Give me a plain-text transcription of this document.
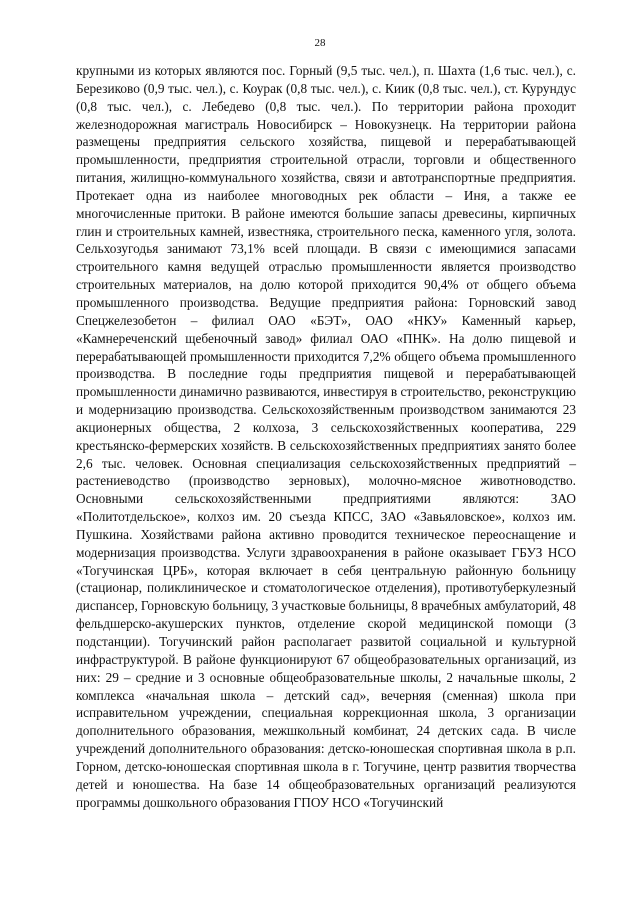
28

крупными из которых являются пос. Горный (9,5 тыс. чел.), п. Шахта (1,6 тыс. чел.), с. Березиково (0,9 тыс. чел.), с. Коурак (0,8 тыс. чел.), с. Киик (0,8 тыс. чел.), ст. Курундус (0,8 тыс. чел.), с. Лебедево (0,8 тыс. чел.). По территории района проходит железнодорожная магистраль Новосибирск – Новокузнецк. На территории района размещены предприятия сельского хозяйства, пищевой и перерабатывающей промышленности, предприятия строительной отрасли, торговли и общественного питания, жилищно-коммунального хозяйства, связи и автотранспортные предприятия. Протекает одна из наиболее многоводных рек области – Иня, а также ее многочисленные притоки. В районе имеются большие запасы древесины, кирпичных глин и строительных камней, известняка, строительного песка, каменного угля, золота. Сельхозугодья занимают 73,1% всей площади. В связи с имеющимися запасами строительного камня ведущей отраслью промышленности является производство строительных материалов, на долю которой приходится 90,4% от общего объема промышленного производства. Ведущие предприятия района: Горновский завод Спецжелезобетон – филиал ОАО «БЭТ», ОАО «НКУ» Каменный карьер, «Камнереченский щебеночный завод» филиал ОАО «ПНК». На долю пищевой и перерабатывающей промышленности приходится 7,2% общего объема промышленного производства. В последние годы предприятия пищевой и перерабатывающей промышленности динамично развиваются, инвестируя в строительство, реконструкцию и модернизацию производства. Сельскохозяйственным производством занимаются 23 акционерных общества, 2 колхоза, 3 сельскохозяйственных кооператива, 229 крестьянско-фермерских хозяйств. В сельскохозяйственных предприятиях занято более 2,6 тыс. человек. Основная специализация сельскохозяйственных предприятий – растениеводство (производство зерновых), молочно-мясное животноводство. Основными сельскохозяйственными предприятиями являются: ЗАО «Политотдельское», колхоз им. 20 съезда КПСС, ЗАО «Завьяловское», колхоз им. Пушкина. Хозяйствами района активно проводится техническое переоснащение и модернизация производства. Услуги здравоохранения в районе оказывает ГБУЗ НСО «Тогучинская ЦРБ», которая включает в себя центральную районную больницу (стационар, поликлиническое и стоматологическое отделения), противотуберкулезный диспансер, Горновскую больницу, 3 участковые больницы, 8 врачебных амбулаторий, 48 фельдшерско-акушерских пунктов, отделение скорой медицинской помощи (3 подстанции). Тогучинский район располагает развитой социальной и культурной инфраструктурой. В районе функционируют 67 общеобразовательных организаций, из них: 29 – средние и 3 основные общеобразовательные школы, 2 начальные школы, 2 комплекса «начальная школа – детский сад», вечерняя (сменная) школа при исправительном учреждении, специальная коррекционная школа, 3 организации дополнительного образования, межшкольный комбинат, 24 детских сада. В числе учреждений дополнительного образования: детско-юношеская спортивная школа в р.п. Горном, детско-юношеская спортивная школа в г. Тогучине, центр развития творчества детей и юношества. На базе 14 общеобразовательных организаций реализуются программы дошкольного образования ГПОУ НСО «Тогучинский
